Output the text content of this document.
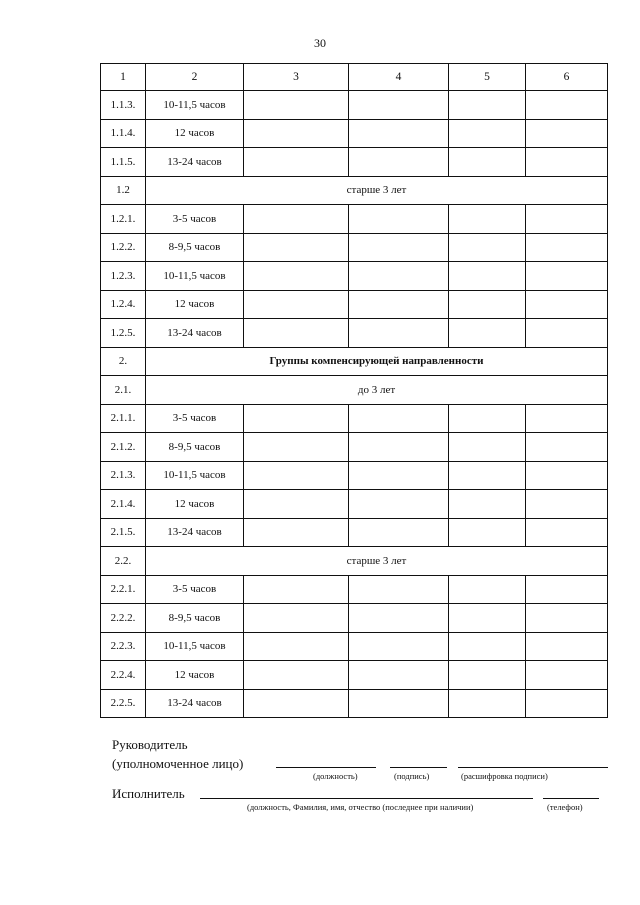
30
1	2	3	4	5	6
1.1.3.	10-11,5 часов				
1.1.4.	12 часов				
1.1.5.	13-24 часов				
1.2	старше 3 лет				
1.2.1.	3-5 часов				
1.2.2.	8-9,5 часов				
1.2.3.	10-11,5 часов				
1.2.4.	12 часов				
1.2.5.	13-24 часов				
2.	Группы компенсирующей направленности				
2.1.	до 3 лет				
2.1.1.	3-5 часов				
2.1.2.	8-9,5 часов				
2.1.3.	10-11,5 часов				
2.1.4.	12 часов				
2.1.5.	13-24 часов				
2.2.	старше 3 лет				
2.2.1.	3-5 часов				
2.2.2.	8-9,5 часов				
2.2.3.	10-11,5 часов				
2.2.4.	12 часов				
2.2.5.	13-24 часов				
Руководитель
(уполномоченное лицо)
(должность)	(подпись)	(расшифровка подписи)
Исполнитель
(должность, Фамилия, имя, отчество (последнее при наличии)	(телефон)
